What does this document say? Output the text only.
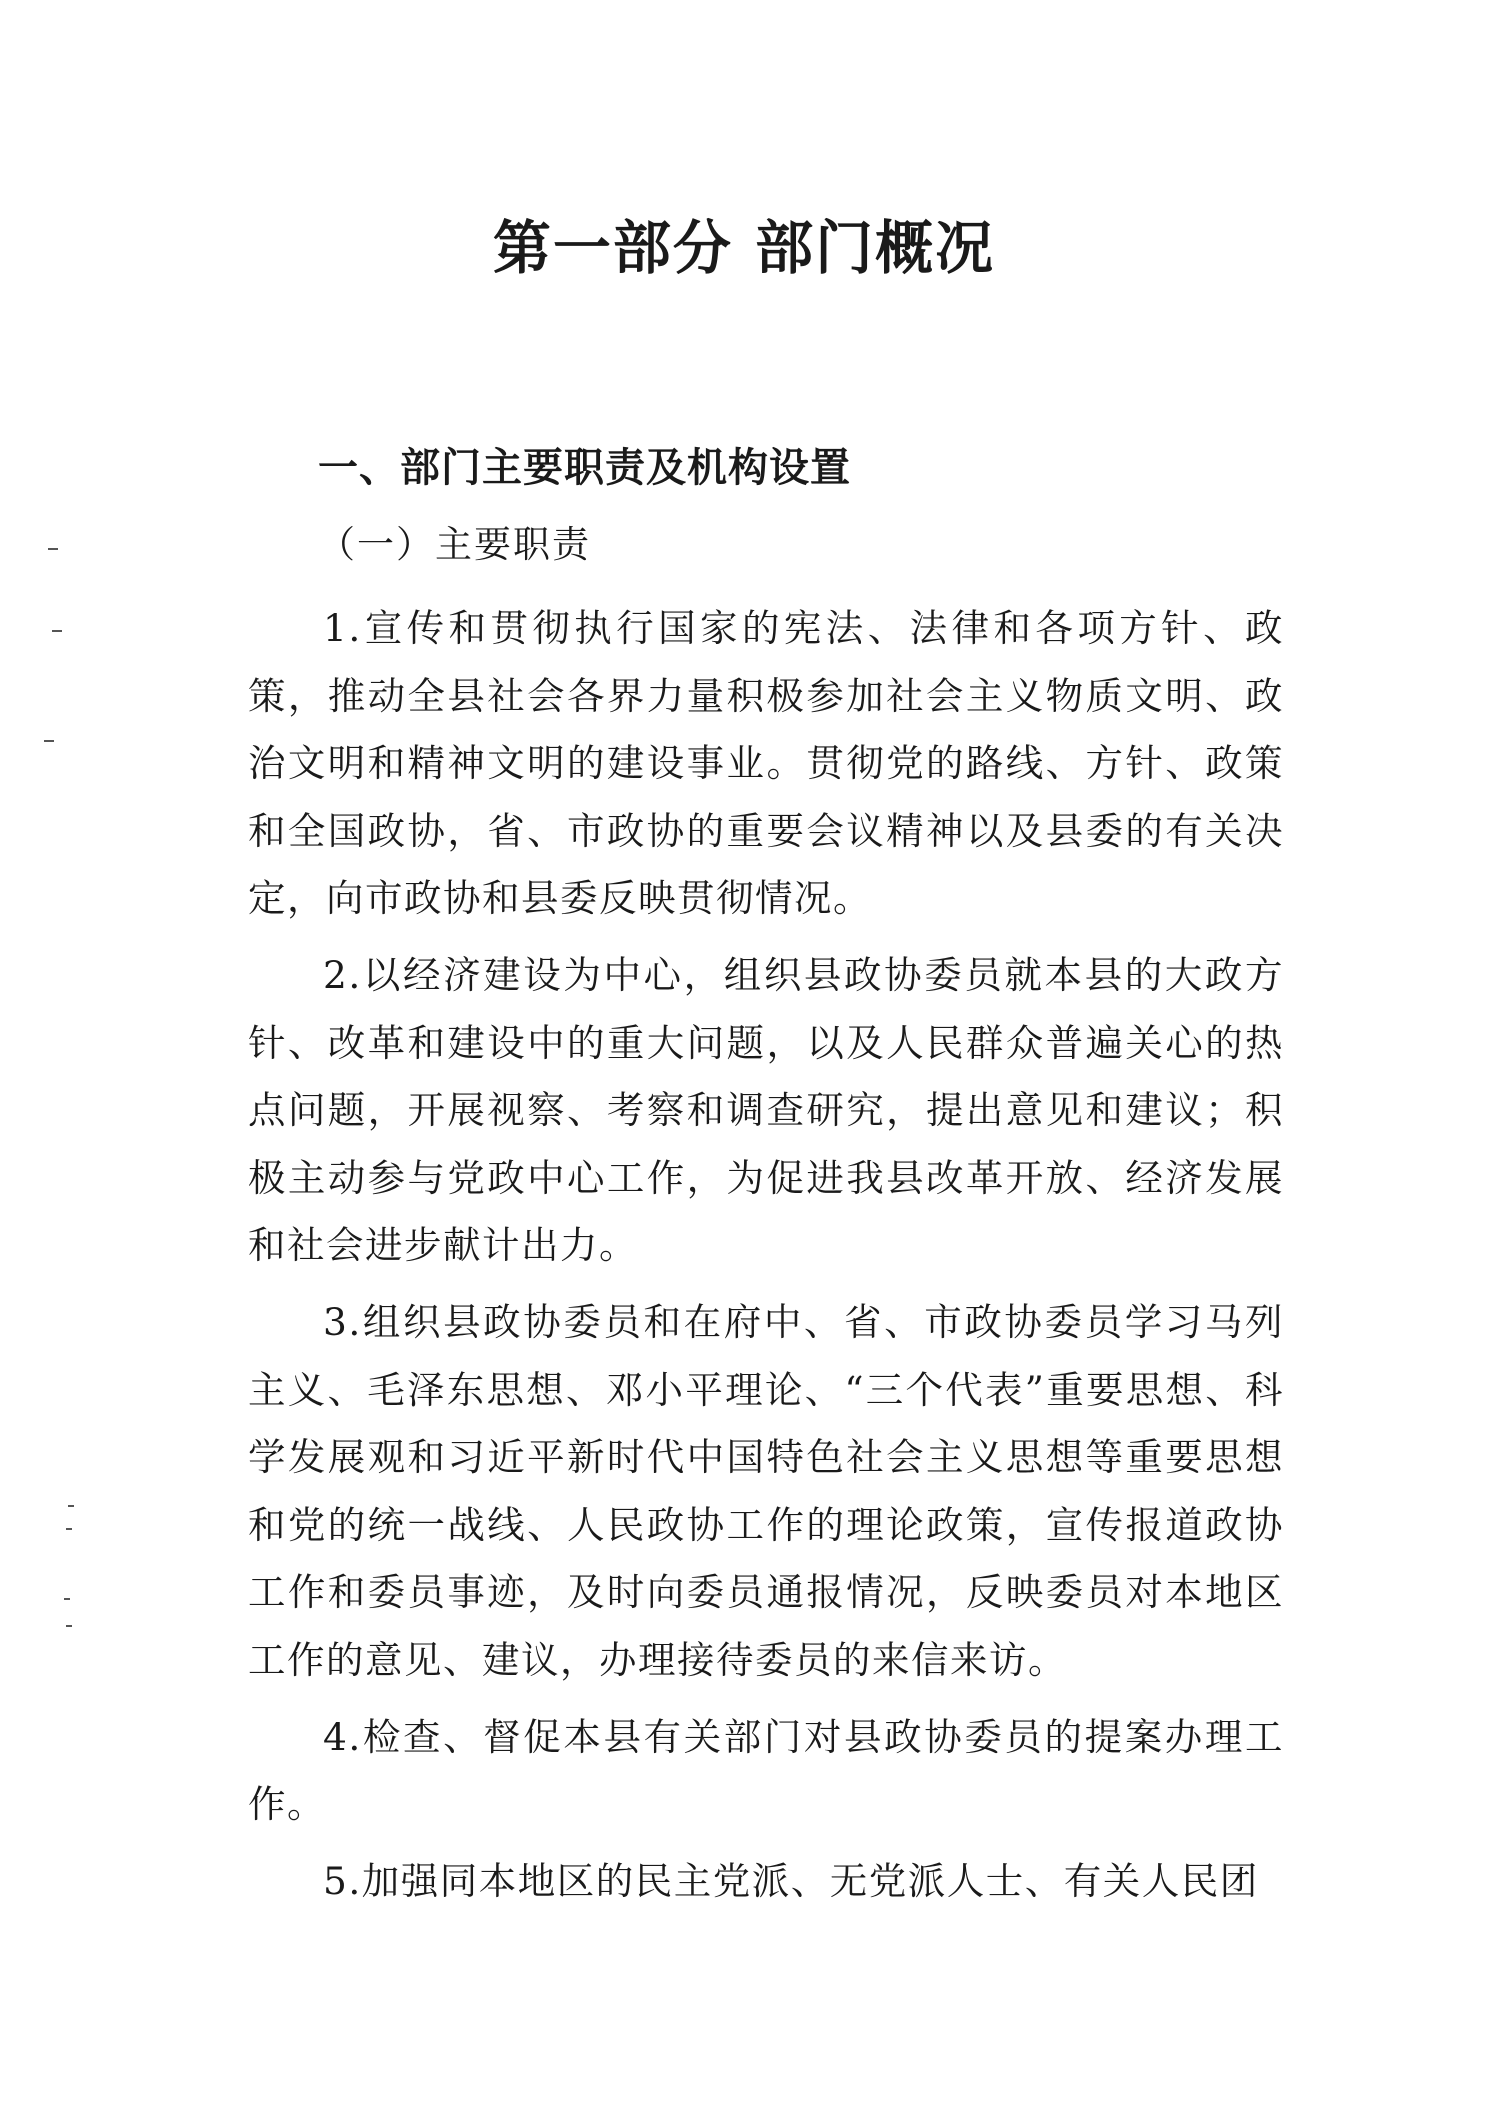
第一部分 部门概况
一、部门主要职责及机构设置
（一）主要职责

1.宣传和贯彻执行国家的宪法、法律和各项方针、政策，推动全县社会各界力量积极参加社会主义物质文明、政治文明和精神文明的建设事业。贯彻党的路线、方针、政策和全国政协，省、市政协的重要会议精神以及县委的有关决定，向市政协和县委反映贯彻情况。

2.以经济建设为中心，组织县政协委员就本县的大政方针、改革和建设中的重大问题，以及人民群众普遍关心的热点问题，开展视察、考察和调查研究，提出意见和建议；积极主动参与党政中心工作，为促进我县改革开放、经济发展和社会进步献计出力。

3.组织县政协委员和在府中、省、市政协委员学习马列主义、毛泽东思想、邓小平理论、“三个代表”重要思想、科学发展观和习近平新时代中国特色社会主义思想等重要思想和党的统一战线、人民政协工作的理论政策，宣传报道政协工作和委员事迹，及时向委员通报情况，反映委员对本地区工作的意见、建议，办理接待委员的来信来访。

4.检查、督促本县有关部门对县政协委员的提案办理工作。

5.加强同本地区的民主党派、无党派人士、有关人民团
